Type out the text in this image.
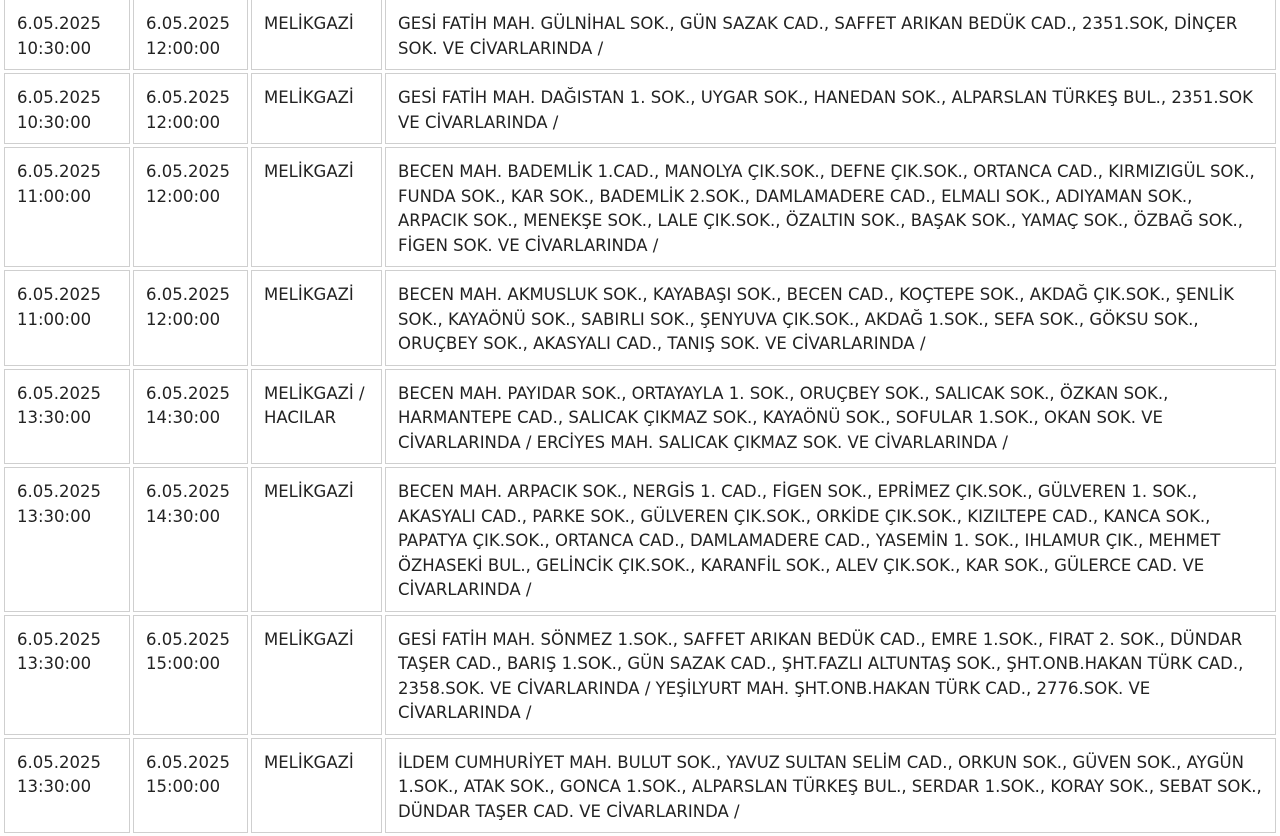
6.05.2025
10:30:00	6.05.2025
12:00:00	MELİKGAZİ	GESİ FATİH MAH. GÜLNİHAL SOK., GÜN SAZAK CAD., SAFFET ARIKAN BEDÜK CAD., 2351.SOK, DİNÇER SOK. VE CİVARLARINDA /

6.05.2025
10:30:00	6.05.2025
12:00:00	MELİKGAZİ	GESİ FATİH MAH. DAĞISTAN 1. SOK., UYGAR SOK., HANEDAN SOK., ALPARSLAN TÜRKEŞ BUL., 2351.SOK VE CİVARLARINDA /

6.05.2025
11:00:00	6.05.2025
12:00:00	MELİKGAZİ	BECEN MAH. BADEMLİK 1.CAD., MANOLYA ÇIK.SOK., DEFNE ÇIK.SOK., ORTANCA CAD., KIRMIZIGÜL SOK., FUNDA SOK., KAR SOK., BADEMLİK 2.SOK., DAMLAMADERE CAD., ELMALI SOK., ADIYAMAN SOK., ARPACIK SOK., MENEKŞE SOK., LALE ÇIK.SOK., ÖZALTIN SOK., BAŞAK SOK., YAMAÇ SOK., ÖZBAĞ SOK., FİGEN SOK. VE CİVARLARINDA /

6.05.2025
11:00:00	6.05.2025
12:00:00	MELİKGAZİ	BECEN MAH. AKMUSLUK SOK., KAYABAŞI SOK., BECEN CAD., KOÇTEPE SOK., AKDAĞ ÇIK.SOK., ŞENLİK SOK., KAYAÖNÜ SOK., SABIRLI SOK., ŞENYUVA ÇIK.SOK., AKDAĞ 1.SOK., SEFA SOK., GÖKSU SOK., ORUÇBEY SOK., AKASYALI CAD., TANIŞ SOK. VE CİVARLARINDA /

6.05.2025
13:30:00	6.05.2025
14:30:00	MELİKGAZİ / HACILAR	BECEN MAH. PAYIDAR SOK., ORTAYAYLA 1. SOK., ORUÇBEY SOK., SALICAK SOK., ÖZKAN SOK., HARMANTEPE CAD., SALICAK ÇIKMAZ SOK., KAYAÖNÜ SOK., SOFULAR 1.SOK., OKAN SOK. VE CİVARLARINDA / ERCİYES MAH. SALICAK ÇIKMAZ SOK. VE CİVARLARINDA /

6.05.2025
13:30:00	6.05.2025
14:30:00	MELİKGAZİ	BECEN MAH. ARPACIK SOK., NERGİS 1. CAD., FİGEN SOK., EPRİMEZ ÇIK.SOK., GÜLVEREN 1. SOK., AKASYALI CAD., PARKE SOK., GÜLVEREN ÇIK.SOK., ORKİDE ÇIK.SOK., KIZILTEPE CAD., KANCA SOK., PAPATYA ÇIK.SOK., ORTANCA CAD., DAMLAMADERE CAD., YASEMİN 1. SOK., IHLAMUR ÇIK., MEHMET ÖZHASEKİ BUL., GELİNCİK ÇIK.SOK., KARANFİL SOK., ALEV ÇIK.SOK., KAR SOK., GÜLERCE CAD. VE CİVARLARINDA /

6.05.2025
13:30:00	6.05.2025
15:00:00	MELİKGAZİ	GESİ FATİH MAH. SÖNMEZ 1.SOK., SAFFET ARIKAN BEDÜK CAD., EMRE 1.SOK., FIRAT 2. SOK., DÜNDAR TAŞER CAD., BARIŞ 1.SOK., GÜN SAZAK CAD., ŞHT.FAZLI ALTUNTAŞ SOK., ŞHT.ONB.HAKAN TÜRK CAD., 2358.SOK. VE CİVARLARINDA / YEŞİLYURT MAH. ŞHT.ONB.HAKAN TÜRK CAD., 2776.SOK. VE CİVARLARINDA /

6.05.2025
13:30:00	6.05.2025
15:00:00	MELİKGAZİ	İLDEM CUMHURİYET MAH. BULUT SOK., YAVUZ SULTAN SELİM CAD., ORKUN SOK., GÜVEN SOK., AYGÜN 1.SOK., ATAK SOK., GONCA 1.SOK., ALPARSLAN TÜRKEŞ BUL., SERDAR 1.SOK., KORAY SOK., SEBAT SOK., DÜNDAR TAŞER CAD. VE CİVARLARINDA /
